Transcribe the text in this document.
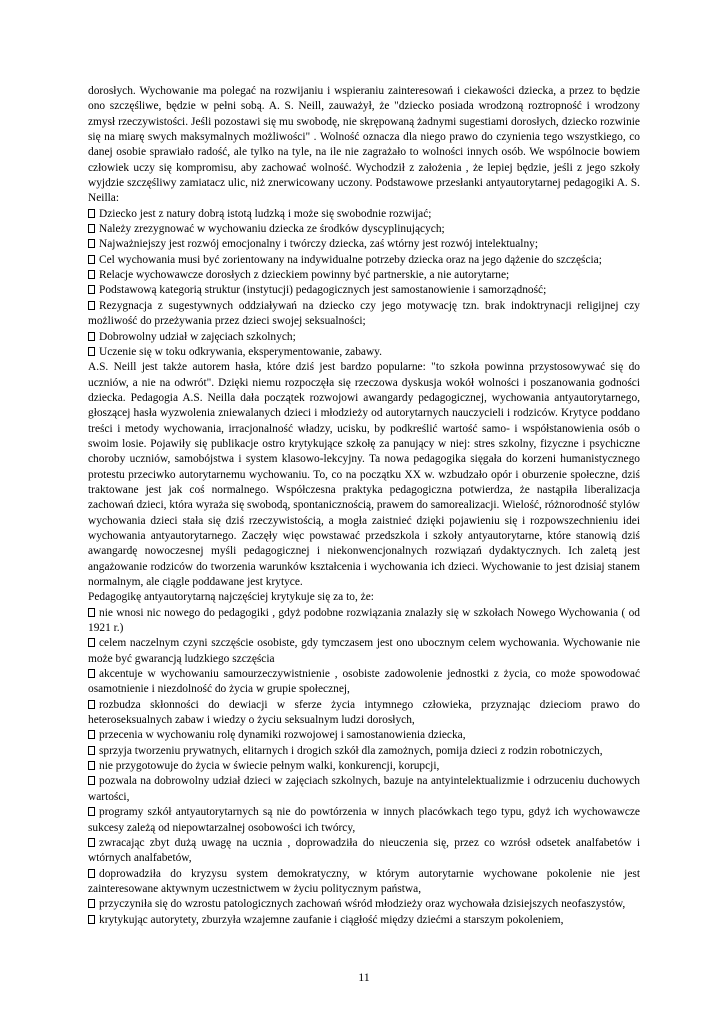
dorosłych. Wychowanie ma polegać na rozwijaniu i wspieraniu zainteresowań i ciekawości dziecka, a przez to będzie ono szczęśliwe, będzie w pełni sobą. A. S. Neill, zauważył, że "dziecko posiada wrodzoną roztropność i wrodzony zmysł rzeczywistości. Jeśli pozostawi się mu swobodę, nie skrępowaną żadnymi sugestiami dorosłych, dziecko rozwinie się na miarę swych maksymalnych możliwości" . Wolność oznacza dla niego prawo do czynienia tego wszystkiego, co danej osobie sprawiało radość, ale tylko na tyle, na ile nie zagrażało to wolności innych osób. We wspólnocie bowiem człowiek uczy się kompromisu, aby zachować wolność. Wychodził z założenia , że lepiej będzie, jeśli z jego szkoły wyjdzie szczęśliwy zamiatacz ulic, niż znerwicowany uczony. Podstawowe przesłanki antyautorytarnej pedagogiki A. S. Neilla:

Dziecko jest z natury dobrą istotą ludzką i może się swobodnie rozwijać;
Należy zrezygnować w wychowaniu dziecka ze środków dyscyplinujących;
Najważniejszy jest rozwój emocjonalny i twórczy dziecka, zaś wtórny jest rozwój intelektualny;
Cel wychowania musi być zorientowany na indywidualne potrzeby dziecka oraz na jego dążenie do szczęścia;
Relacje wychowawcze dorosłych z dzieckiem powinny być partnerskie, a nie autorytarne;
Podstawową kategorią struktur (instytucji) pedagogicznych jest samostanowienie i samorządność;
Rezygnacja z sugestywnych oddziaływań na dziecko czy jego motywację tzn. brak indoktrynacji religijnej czy możliwość do przeżywania przez dzieci swojej seksualności;
Dobrowolny udział w zajęciach szkolnych;
Uczenie się w toku odkrywania, eksperymentowanie, zabawy.

A.S. Neill jest także autorem hasła, które dziś jest bardzo popularne: "to szkoła powinna przystosowywać się do uczniów, a nie na odwrót". Dzięki niemu rozpoczęła się rzeczowa dyskusja wokół wolności i poszanowania godności dziecka. Pedagogia A.S. Neilla dała początek rozwojowi awangardy pedagogicznej, wychowania antyautorytarnego, głoszącej hasła wyzwolenia zniewalanych dzieci i młodzieży od autorytarnych nauczycieli i rodziców. Krytyce poddano treści i metody wychowania, irracjonalność władzy, ucisku, by podkreślić wartość samo- i współstanowienia osób o swoim losie. Pojawiły się publikacje ostro krytykujące szkołę za panujący w niej: stres szkolny, fizyczne i psychiczne choroby uczniów, samobójstwa i system klasowo-lekcyjny. Ta nowa pedagogika sięgała do korzeni humanistycznego protestu przeciwko autorytarnemu wychowaniu. To, co na początku XX w. wzbudzało opór i oburzenie społeczne, dziś traktowane jest jak coś normalnego. Współczesna praktyka pedagogiczna potwierdza, że nastąpiła liberalizacja zachowań dzieci, która wyraża się swobodą, spontanicznością, prawem do samorealizacji. Wielość, różnorodność stylów wychowania dzieci stała się dziś rzeczywistością, a mogła zaistnieć dzięki pojawieniu się i rozpowszechnieniu idei wychowania antyautorytarnego. Zaczęły więc powstawać przedszkola i szkoły antyautorytarne, które stanowią dziś awangardę nowoczesnej myśli pedagogicznej i niekonwencjonalnych rozwiązań dydaktycznych. Ich zaletą jest angażowanie rodziców do tworzenia warunków kształcenia i wychowania ich dzieci. Wychowanie to jest dzisiaj stanem normalnym, ale ciągle poddawane jest krytyce.

Pedagogikę antyautorytarną najczęściej krytykuje się za to, że:

nie wnosi nic nowego do pedagogiki , gdyż podobne rozwiązania znalazły się w szkołach Nowego Wychowania ( od 1921 r.)
celem naczelnym czyni szczęście osobiste, gdy tymczasem jest ono ubocznym celem wychowania. Wychowanie nie może być gwarancją ludzkiego szczęścia
akcentuje w wychowaniu samourzeczywistnienie , osobiste zadowolenie jednostki z życia, co może spowodować osamotnienie i niezdolność do życia w grupie społecznej,
rozbudza skłonności do dewiacji w sferze życia intymnego człowieka, przyznając dzieciom prawo do heteroseksualnych zabaw i wiedzy o życiu seksualnym ludzi dorosłych,
przecenia w wychowaniu rolę dynamiki rozwojowej i samostanowienia dziecka,
sprzyja tworzeniu prywatnych, elitarnych i drogich szkół dla zamożnych, pomija dzieci z rodzin robotniczych,
nie przygotowuje do życia w świecie pełnym walki, konkurencji, korupcji,
pozwala na dobrowolny udział dzieci w zajęciach szkolnych, bazuje na antyintelektualizmie i odrzuceniu duchowych wartości,
programy szkół antyautorytarnych są nie do powtórzenia w innych placówkach tego typu, gdyż ich wychowawcze sukcesy zależą od niepowtarzalnej osobowości ich twórcy,
zwracając zbyt dużą uwagę na ucznia , doprowadziła do nieuczenia się, przez co wzrósł odsetek analfabetów i wtórnych analfabetów,
doprowadziła do kryzysu system demokratyczny, w którym autorytarnie wychowane pokolenie nie jest zainteresowane aktywnym uczestnictwem w życiu politycznym państwa,
przyczyniła się do wzrostu patologicznych zachowań wśród młodzieży oraz wychowała dzisiejszych neofaszystów,
krytykując autorytety, zburzyła wzajemne zaufanie i ciągłość między dziećmi a starszym pokoleniem,
11
